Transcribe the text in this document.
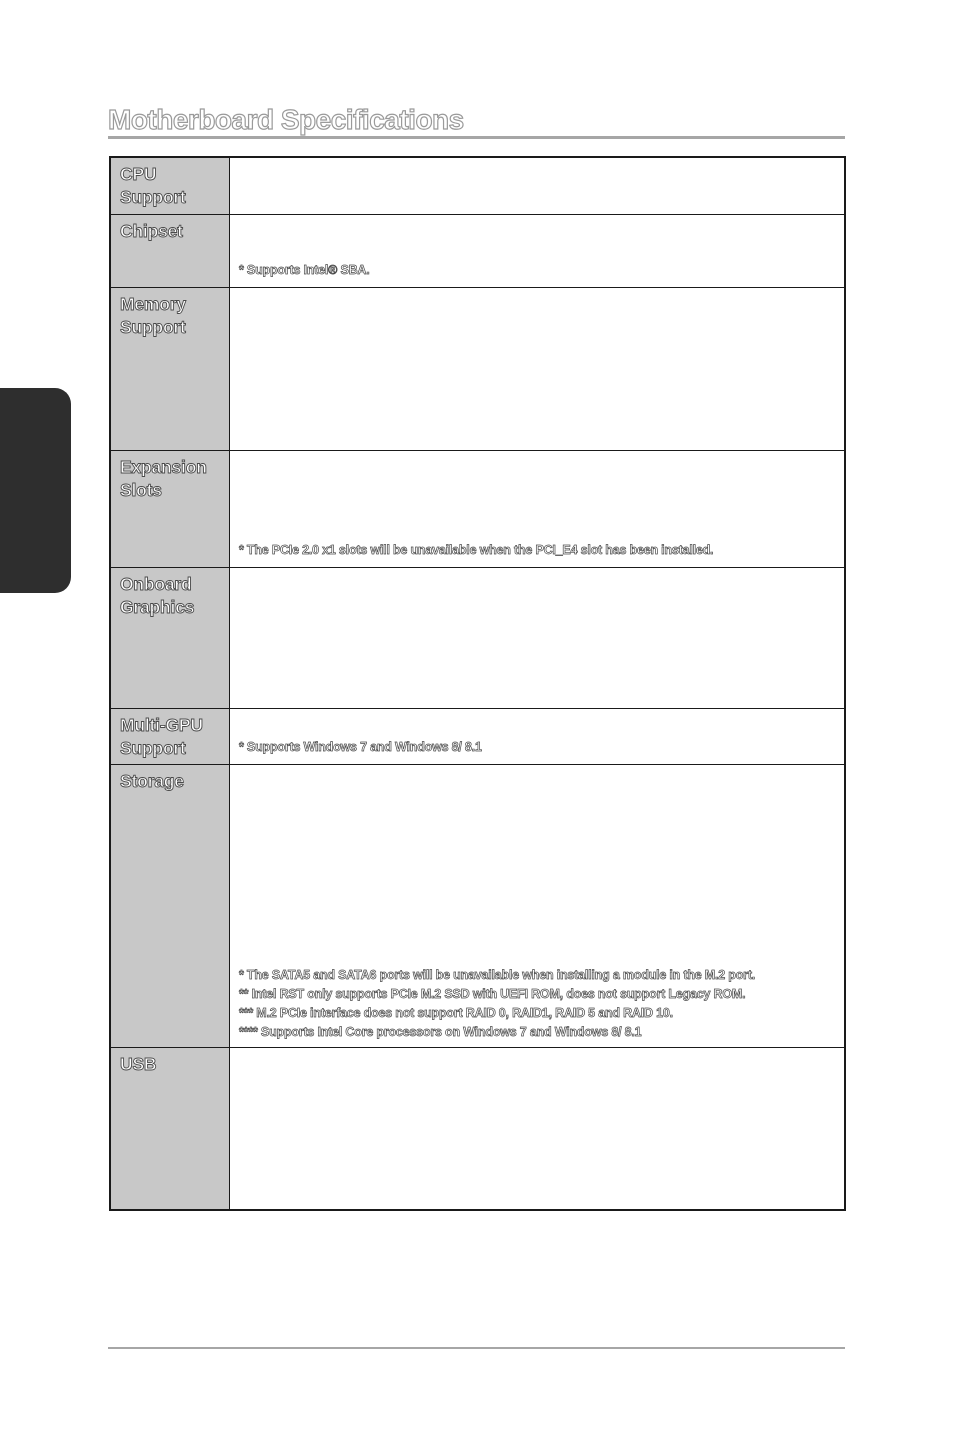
Motherboard Specifications
CPU Support
Chipset
* Supports Intel® SBA.
Memory Support
Expansion Slots
* The PCIe 2.0 x1 slots will be unavailable when the PCI_E4 slot has been installed.
Onboard Graphics
Multi-GPU Support	* Supports Windows 7 and Windows 8/ 8.1
Storage
* The SATA5 and SATA6 ports will be unavailable when installing a module in the M.2 port.
** Intel RST only supports PCIe M.2 SSD with UEFI ROM, does not support Legacy ROM.
*** M.2 PCIe interface does not support RAID 0, RAID1, RAID 5 and RAID 10.
**** Supports Intel Core processors on Windows 7 and Windows 8/ 8.1
USB
